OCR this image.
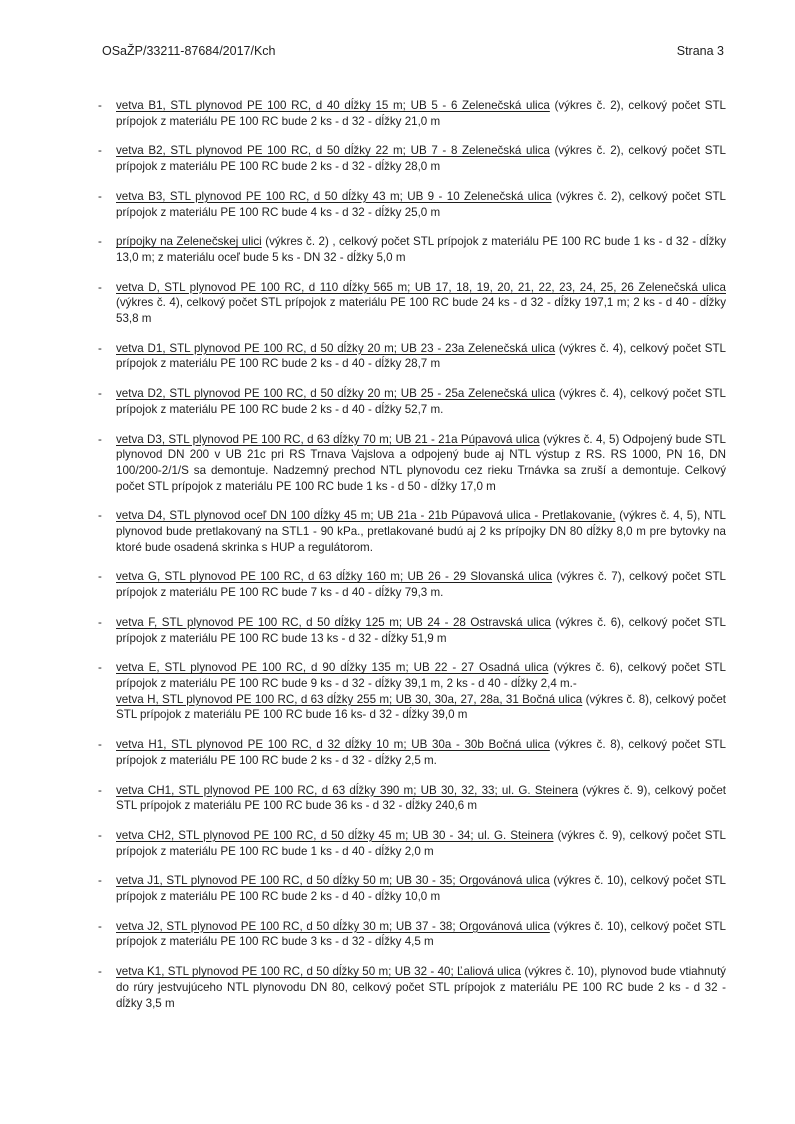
OSaŽP/33211-87684/2017/Kch	Strana 3
- vetva B1, STL plynovod PE 100 RC, d 40 dĺžky 15 m; UB 5 - 6 Zelenečská ulica (výkres č. 2), celkový počet STL prípojok z materiálu PE 100 RC bude 2 ks - d 32 - dĺžky 21,0 m

- vetva B2, STL plynovod PE 100 RC, d 50 dĺžky 22 m; UB 7 - 8 Zelenečská ulica (výkres č. 2), celkový počet STL prípojok z materiálu PE 100 RC bude 2 ks - d 32 - dĺžky 28,0 m

- vetva B3, STL plynovod PE 100 RC, d 50 dĺžky 43 m; UB 9 - 10 Zelenečská ulica (výkres č. 2), celkový počet STL prípojok z materiálu PE 100 RC bude 4 ks - d 32 - dĺžky 25,0 m

- prípojky na Zelenečskej ulici (výkres č. 2) , celkový počet STL prípojok z materiálu PE 100 RC bude 1 ks - d 32 - dĺžky 13,0 m; z materiálu oceľ bude 5 ks - DN 32 - dĺžky 5,0 m

- vetva D, STL plynovod PE 100 RC, d 110 dĺžky 565 m; UB 17, 18, 19, 20, 21, 22, 23, 24, 25, 26 Zelenečská ulica (výkres č. 4), celkový počet STL prípojok z materiálu PE 100 RC bude 24 ks - d 32 - dĺžky 197,1 m; 2 ks - d 40 - dĺžky 53,8 m

- vetva D1, STL plynovod PE 100 RC, d 50 dĺžky 20 m; UB 23 - 23a Zelenečská ulica (výkres č. 4), celkový počet STL prípojok z materiálu PE 100 RC bude 2 ks - d 40 - dĺžky 28,7 m

- vetva D2, STL plynovod PE 100 RC, d 50 dĺžky 20 m; UB 25 - 25a Zelenečská ulica (výkres č. 4), celkový počet STL prípojok z materiálu PE 100 RC bude 2 ks - d 40 - dĺžky 52,7 m.

- vetva D3, STL plynovod PE 100 RC, d 63 dĺžky 70 m; UB 21 - 21a Púpavová ulica (výkres č. 4, 5) Odpojený bude STL plynovod DN 200 v UB 21c pri RS Trnava Vajslova a odpojený bude aj NTL výstup z RS. RS 1000, PN 16, DN 100/200-2/1/S sa demontuje. Nadzemný prechod NTL plynovodu cez rieku Trnávka sa zruší a demontuje. Celkový počet STL prípojok z materiálu PE 100 RC bude 1 ks - d 50 - dĺžky 17,0 m

- vetva D4, STL plynovod oceľ DN 100 dĺžky 45 m; UB 21a - 21b Púpavová ulica - Pretlakovanie, (výkres č. 4, 5), NTL plynovod bude pretlakovaný na STL1 - 90 kPa., pretlakované budú aj 2 ks prípojky DN 80 dĺžky 8,0 m pre bytovky na ktoré bude osadená skrinka s HUP a regulátorom.

- vetva G, STL plynovod PE 100 RC, d 63 dĺžky 160 m; UB 26 - 29 Slovanská ulica (výkres č. 7), celkový počet STL prípojok z materiálu PE 100 RC bude 7 ks - d 40 - dĺžky 79,3 m.

- vetva F, STL plynovod PE 100 RC, d 50 dĺžky 125 m; UB 24 - 28 Ostravská ulica (výkres č. 6), celkový počet STL prípojok z materiálu PE 100 RC bude 13 ks - d 32 - dĺžky 51,9 m

- vetva E, STL plynovod PE 100 RC, d 90 dĺžky 135 m; UB 22 - 27 Osadná ulica (výkres č. 6), celkový počet STL prípojok z materiálu PE 100 RC bude 9 ks - d 32 - dĺžky 39,1 m, 2 ks - d 40 - dĺžky 2,4 m.-
vetva H, STL plynovod PE 100 RC, d 63 dĺžky 255 m; UB 30, 30a, 27, 28a, 31 Bočná ulica (výkres č. 8), celkový počet STL prípojok z materiálu PE 100 RC bude 16 ks- d 32 - dĺžky 39,0 m

- vetva H1, STL plynovod PE 100 RC, d 32 dĺžky 10 m; UB 30a - 30b Bočná ulica (výkres č. 8), celkový počet STL prípojok z materiálu PE 100 RC bude 2 ks - d 32 - dĺžky 2,5 m.

- vetva CH1, STL plynovod PE 100 RC, d 63 dĺžky 390 m; UB 30, 32, 33; ul. G. Steinera (výkres č. 9), celkový počet STL prípojok z materiálu PE 100 RC bude 36 ks - d 32 - dĺžky 240,6 m

- vetva CH2, STL plynovod PE 100 RC, d 50 dĺžky 45 m; UB 30 - 34; ul. G. Steinera (výkres č. 9), celkový počet STL prípojok z materiálu PE 100 RC bude 1 ks - d 40 - dĺžky 2,0 m

- vetva J1, STL plynovod PE 100 RC, d 50 dĺžky 50 m; UB 30 - 35; Orgovánová ulica (výkres č. 10), celkový počet STL prípojok z materiálu PE 100 RC bude 2 ks - d 40 - dĺžky 10,0 m

- vetva J2, STL plynovod PE 100 RC, d 50 dĺžky 30 m; UB 37 - 38; Orgovánová ulica (výkres č. 10), celkový počet STL prípojok z materiálu PE 100 RC bude 3 ks - d 32 - dĺžky 4,5 m

- vetva K1, STL plynovod PE 100 RC, d 50 dĺžky 50 m; UB 32 - 40; Ľaliová ulica (výkres č. 10), plynovod bude vtiahnutý do rúry jestvujúceho NTL plynovodu DN 80, celkový počet STL prípojok z materiálu PE 100 RC bude 2 ks - d 32 - dĺžky 3,5 m
